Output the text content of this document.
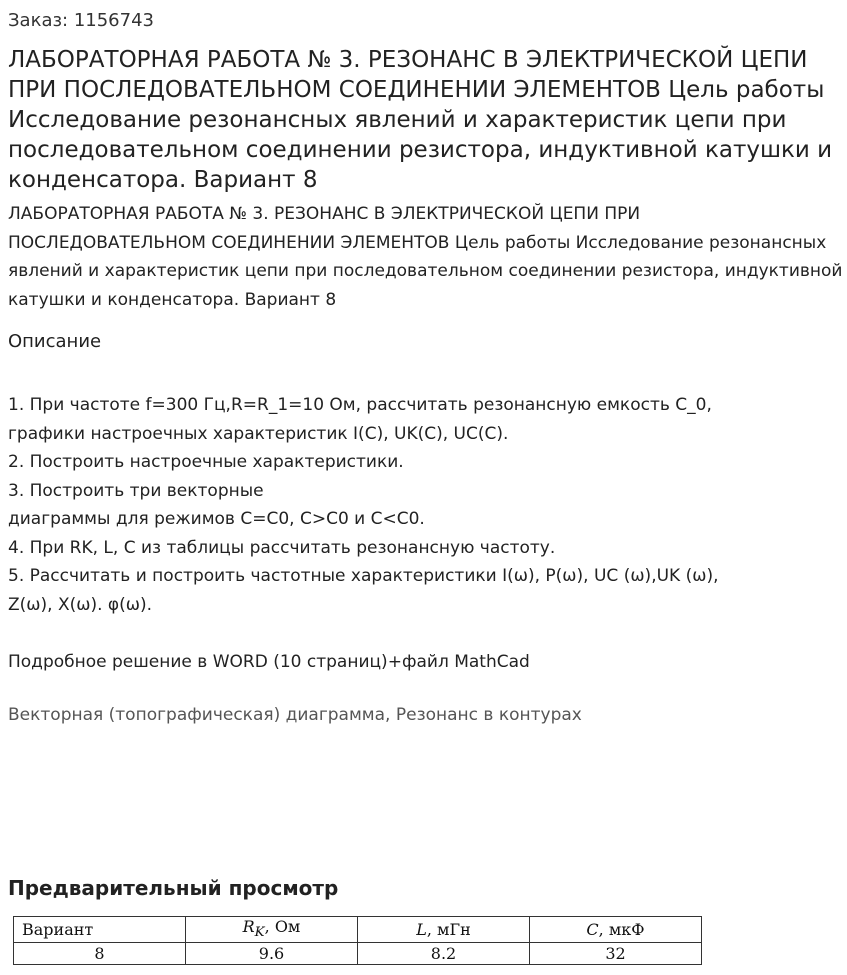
Заказ: 1156743
ЛАБОРАТОРНАЯ РАБОТА № 3. РЕЗОНАНС В ЭЛЕКТРИЧЕСКОЙ ЦЕПИ ПРИ ПОСЛЕДОВАТЕЛЬНОМ СОЕДИНЕНИИ ЭЛЕМЕНТОВ Цель работы Исследование резонансных явлений и характеристик цепи при последовательном соединении резистора, индуктивной катушки и конденсатора. Вариант 8
ЛАБОРАТОРНАЯ РАБОТА № 3. РЕЗОНАНС В ЭЛЕКТРИЧЕСКОЙ ЦЕПИ ПРИ ПОСЛЕДОВАТЕЛЬНОМ СОЕДИНЕНИИ ЭЛЕМЕНТОВ Цель работы Исследование резонансных явлений и характеристик цепи при последовательном соединении резистора, индуктивной катушки и конденсатора. Вариант 8
Описание
1. При частоте f=300 Гц,R=R_1=10 Ом, рассчитать резонансную емкость C_0,
графики настроечных характеристик I(C), UK(C), UC(C).
2. Построить настроечные характеристики.
3. Построить три векторные
диаграммы для режимов C=C0, C>C0 и C<C0.
4. При RK, L, C из таблицы рассчитать резонансную частоту.
5. Рассчитать и построить частотные характеристики I(ω), P(ω), UC (ω),UK (ω),
Z(ω), X(ω). φ(ω).
Подробное решение в WORD (10 страниц)+файл MathCad
Векторная (топографическая) диаграмма, Резонанс в контурах
Предварительный просмотр
Вариант	$R_K$, Ом	L, мГн	C, мкФ
8	9.6	8.2	32
